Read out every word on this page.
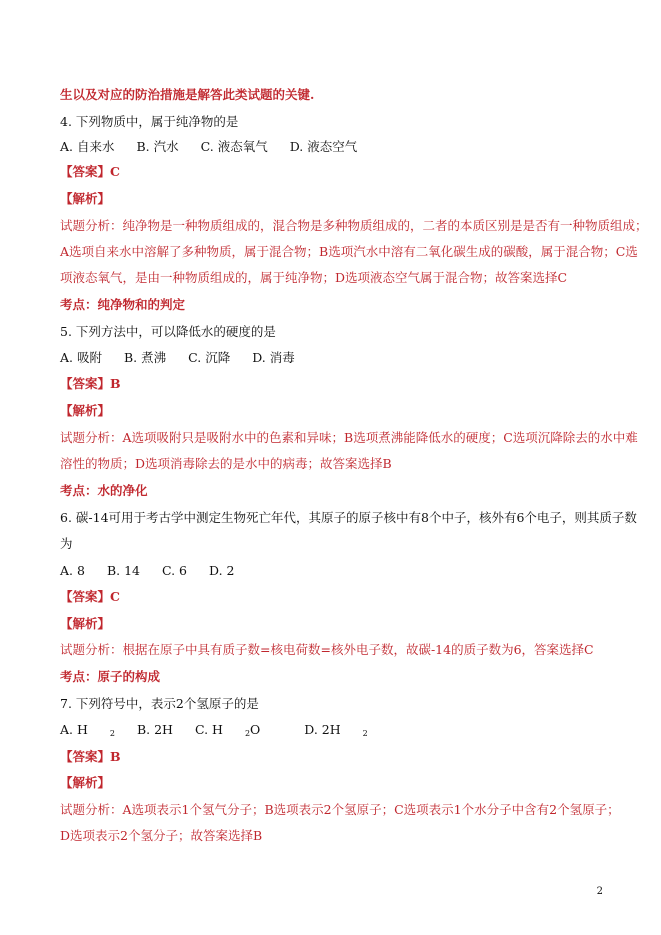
生以及对应的防治措施是解答此类试题的关键.
4. 下列物质中，属于纯净物的是
A. 自来水 B. 汽水 C. 液态氧气 D. 液态空气
【答案】C
【解析】
试题分析：纯净物是一种物质组成的，混合物是多种物质组成的，二者的本质区别是是否有一种物质组成；
A选项自来水中溶解了多种物质，属于混合物；B选项汽水中溶有二氧化碳生成的碳酸，属于混合物；C选
项液态氧气，是由一种物质组成的，属于纯净物；D选项液态空气属于混合物；故答案选择C
考点：纯净物和的判定
5. 下列方法中，可以降低水的硬度的是
A. 吸附 B. 煮沸 C. 沉降 D. 消毒
【答案】B
【解析】
试题分析：A选项吸附只是吸附水中的色素和异味；B选项煮沸能降低水的硬度；C选项沉降除去的水中难
溶性的物质；D选项消毒除去的是水中的病毒；故答案选择B
考点：水的净化
6. 碳-14可用于考古学中测定生物死亡年代，其原子的原子核中有8个中子，核外有6个电子，则其质子数
为
A. 8 B. 14 C. 6 D. 2
【答案】C
【解析】
试题分析：根据在原子中具有质子数=核电荷数=核外电子数，故碳-14的质子数为6，答案选择C
考点：原子的构成
7. 下列符号中，表示2个氢原子的是
A. H	$_2$ B. 2H C. H	$_2$O	D. 2H	$_2$
【答案】B
【解析】
试题分析：A选项表示1个氢气分子；B选项表示2个氢原子；C选项表示1个水分子中含有2个氢原子；
D选项表示2个氢分子；故答案选择B
2
